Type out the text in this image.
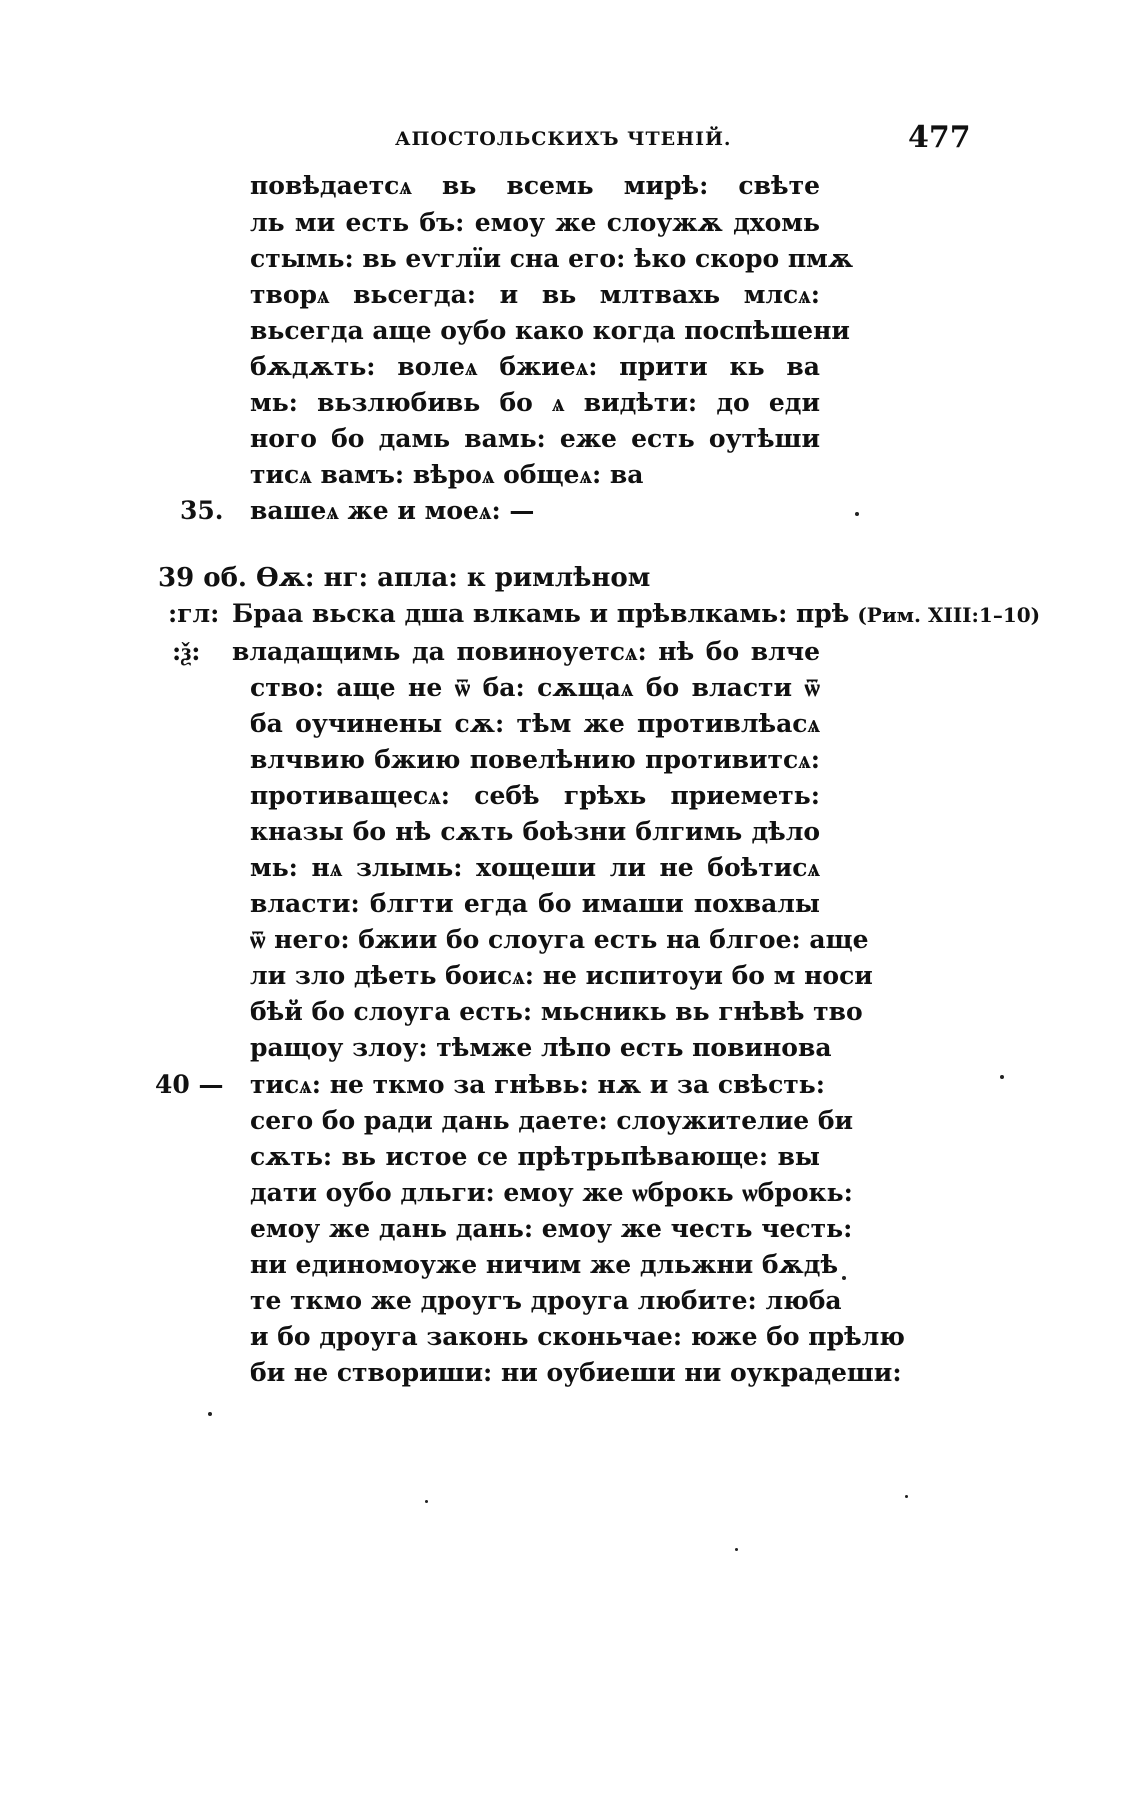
АПОСТОЛЬСКИХЪ ЧТЕНІЙ.	477
повѣдаетсѧ вь всемь мирѣ: свѣте
ль ми есть бъ: емоу же слоужѫ дхомь
стымь: вь еѵглїи сна его: ѣко скоро пмѫ
творѧ вьсегда: и вь млтвахь млсѧ:
вьсегда аще оубо како когда поспѣшени
бѫдѫть: волеѧ бжиеѧ: прити кь ва
мь: вьзлюбивь бо ѧ видѣти: до еди
ного бо дамь вамь: еже есть оутѣши
тисѧ вамъ: вѣроѧ общеѧ: ва
35. вашеѧ же и моеѧ: —
39 об. Ѳѫ: нг: апла: к римлѣном
:гл: Браа вьска дша влкамь и прѣвлкамь: прѣ (Рим. XIII:1–10)
:ѯ: владащимь да повиноуетсѧ: нѣ бо влче
ство: аще не ѿ ба: сѫщаѧ бо власти ѿ
ба оучинены сѫ: тѣм же противлѣасѧ
влчвию бжию повелѣнию противитсѧ:
противащесѧ: себѣ грѣхь приеметь:
кназы бо нѣ сѫть боѣзни блгимь дѣло
мь: нѧ злымь: хощеши ли не боѣтисѧ
власти: блгти егда бо имаши похвалы
ѿ него: бжии бо слоуга есть на блгое: аще
ли зло дѣеть боисѧ: не испитоуи бо м носи
бѣй бо слоуга есть: мьсникь вь гнѣвѣ тво
ращоу злоу: тѣмже лѣпо есть повинова
40 — тисѧ: не ткмо за гнѣвь: нѫ и за свѣсть:
сего бо ради дань даете: слоужителие би
сѫть: вь истое се прѣтрьпѣвающе: вы
дати оубо дльги: емоу же ѡброкь ѡброкь:
емоу же дань дань: емоу же честь честь:
ни единомоуже ничим же дльжни бѫдѣ
те ткмо же дроугъ дроуга любите: люба
и бо дроуга законь сконьчае: юже бо прѣлю
би не створиши: ни оубиеши ни оукрадеши:
